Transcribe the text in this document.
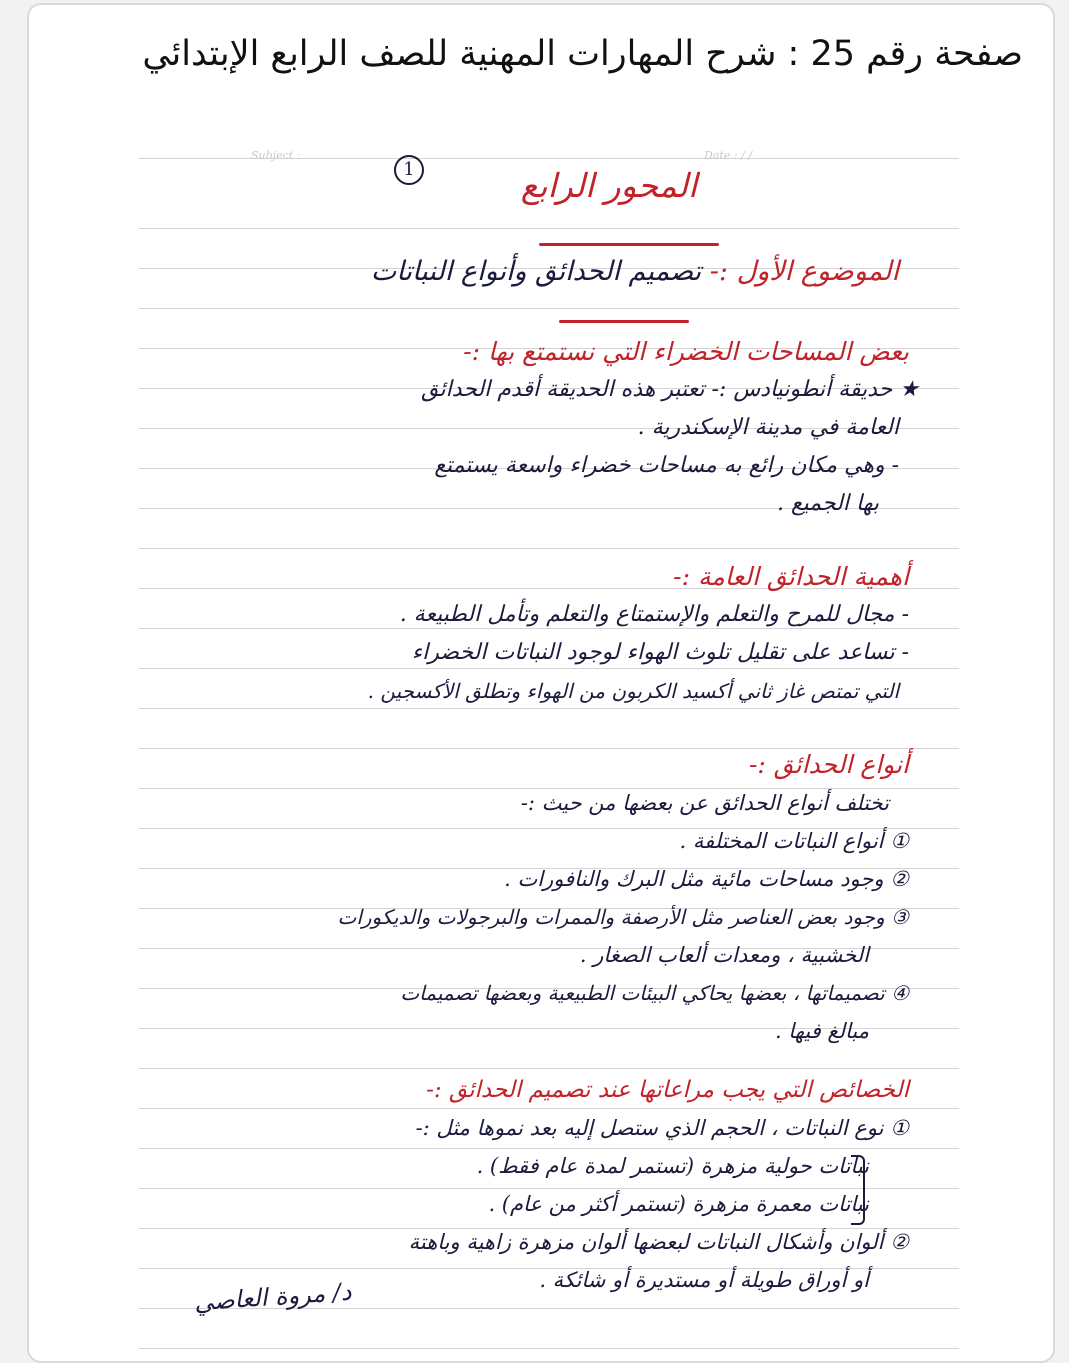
صفحة رقم 25 : شرح المهارات المهنية للصف الرابع الإبتدائي
Subject :	Date : / /
1	المحور الرابع
الموضوع الأول :- تصميم الحدائق وأنواع النباتات
بعض المساحات الخضراء التي نستمتع بها :-
★ حديقة أنطونيادس :- تعتبر هذه الحديقة أقدم الحدائق
العامة في مدينة الإسكندرية .
- وهي مكان رائع به مساحات خضراء واسعة يستمتع
بها الجميع .
أهمية الحدائق العامة :-
- مجال للمرح والتعلم والإستمتاع والتعلم وتأمل الطبيعة .
- تساعد على تقليل تلوث الهواء لوجود النباتات الخضراء
التي تمتص غاز ثاني أكسيد الكربون من الهواء وتطلق الأكسجين .
أنواع الحدائق :-
تختلف أنواع الحدائق عن بعضها من حيث :-
① أنواع النباتات المختلفة .
② وجود مساحات مائية مثل البرك والنافورات .
③ وجود بعض العناصر مثل الأرصفة والممرات والبرجولات والديكورات
الخشبية ، ومعدات ألعاب الصغار .
④ تصميماتها ، بعضها يحاكي البيئات الطبيعية وبعضها تصميمات
مبالغ فيها .
الخصائص التي يجب مراعاتها عند تصميم الحدائق :-
① نوع النباتات ، الحجم الذي ستصل إليه بعد نموها مثل :-
نباتات حولية مزهرة (تستمر لمدة عام فقط) .
نباتات معمرة مزهرة (تستمر أكثر من عام) .
② ألوان وأشكال النباتات لبعضها ألوان مزهرة زاهية وباهتة
أو أوراق طويلة أو مستديرة أو شائكة .
د/ مروة العاصي
